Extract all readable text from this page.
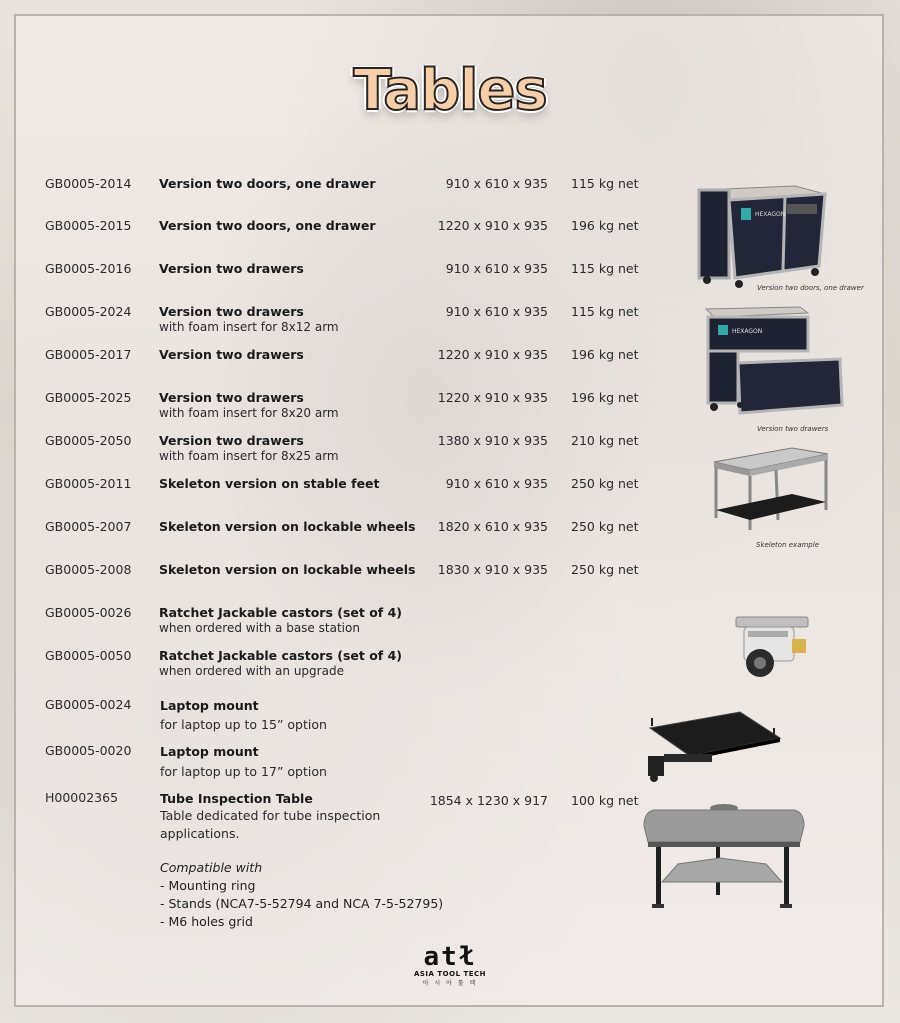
Tables
GB0005-2014 Version two doors, one drawer	910 x 610 x 935 115 kg net
GB0005-2015 Version two doors, one drawer	1220 x 910 x 935 196 kg net
GB0005-2016 Version two drawers	910 x 610 x 935 115 kg net
GB0005-2024 Version two drawers
with foam insert for 8x12 arm
910 x 610 x 935 115 kg net
GB0005-2017 Version two drawers	1220 x 910 x 935 196 kg net
GB0005-2025 Version two drawers
with foam insert for 8x20 arm
1220 x 910 x 935 196 kg net
GB0005-2050 Version two drawers
with foam insert for 8x25 arm
1380 x 910 x 935 210 kg net
GB0005-2011 Skeleton version on stable feet	910 x 610 x 935 250 kg net
GB0005-2007 Skeleton version on lockable wheels	1820 x 610 x 935 250 kg net
GB0005-2008 Skeleton version on lockable wheels	1830 x 910 x 935 250 kg net
GB0005-0026 Ratchet Jackable castors (set of 4)
when ordered with a base station
GB0005-0050 Ratchet Jackable castors (set of 4)
when ordered with an upgrade
GB0005-0024 Laptop mount
for laptop up to 15” option
GB0005-0020 Laptop mount
for laptop up to 17” option
H00002365	Tube Inspection Table
Table dedicated for tube inspection applications.
1854 x 1230 x 917 100 kg net
Compatible with
- Mounting ring
- Stands (NCA7-5-52794 and NCA 7-5-52795)
- M6 holes grid
HEXAGON
Version two doors, one drawer
HEXAGON
Version two drawers
Skeleton example
atł
ASIA TOOL TECH
아 시 아 툴 텍
